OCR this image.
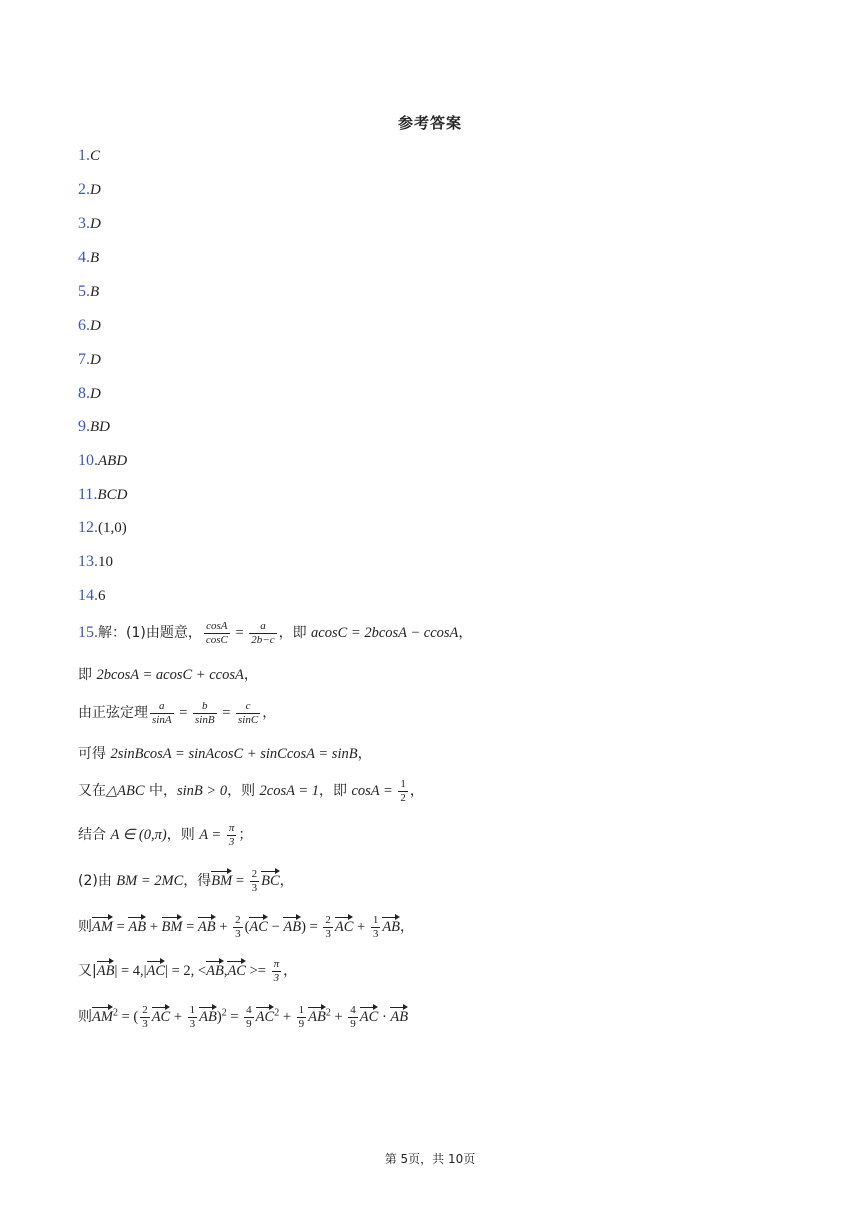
参考答案
1.C
2.D
3.D
4.B
5.B
6.D
7.D
8.D
9.BD
10.ABD
11.BCD
12.(1,0)
13.10
14.6
15.解：(1)由题意， $\frac{\cos A}{\cos C} = \frac{a}{2b-c}$ ，即 acosC = 2bcosA − ccosA，
即 2bcosA = acosC + ccosA，
由正弦定理 $\frac{a}{\sin A} = \frac{b}{\sin B} = \frac{c}{\sin C}$ ，
可得 2sinBcosA = sinAcosC + sinCcosA = sinB，
又在△ABC 中，sinB > 0，则 2cosA = 1，即 $\cos A = \frac{1}{2}$ ，
结合 A ∈ (0,π)，则 $A = \frac{\pi}{3}$ ；
(2)由 BM = 2MC，得BM = $\frac{2}{3}$ BC，
则AM = AB + BM = AB + $\frac{2}{3} (AC - AB) = \frac{2}{3}$ AC + $\frac{1}{3}$ AB，
又|AB| = 4,|AC| = 2, $<AB,AC >= \frac{\pi}{3}$ ，
则$AM^2$ = ( $\frac{2}{3}$ AC + $\frac{1}{3} AB)^2 = \frac{4}{9} AC^2 + \frac{1}{9} AB^2 + \frac{4}{9}$ AC · AB
第 5页，共 10页
